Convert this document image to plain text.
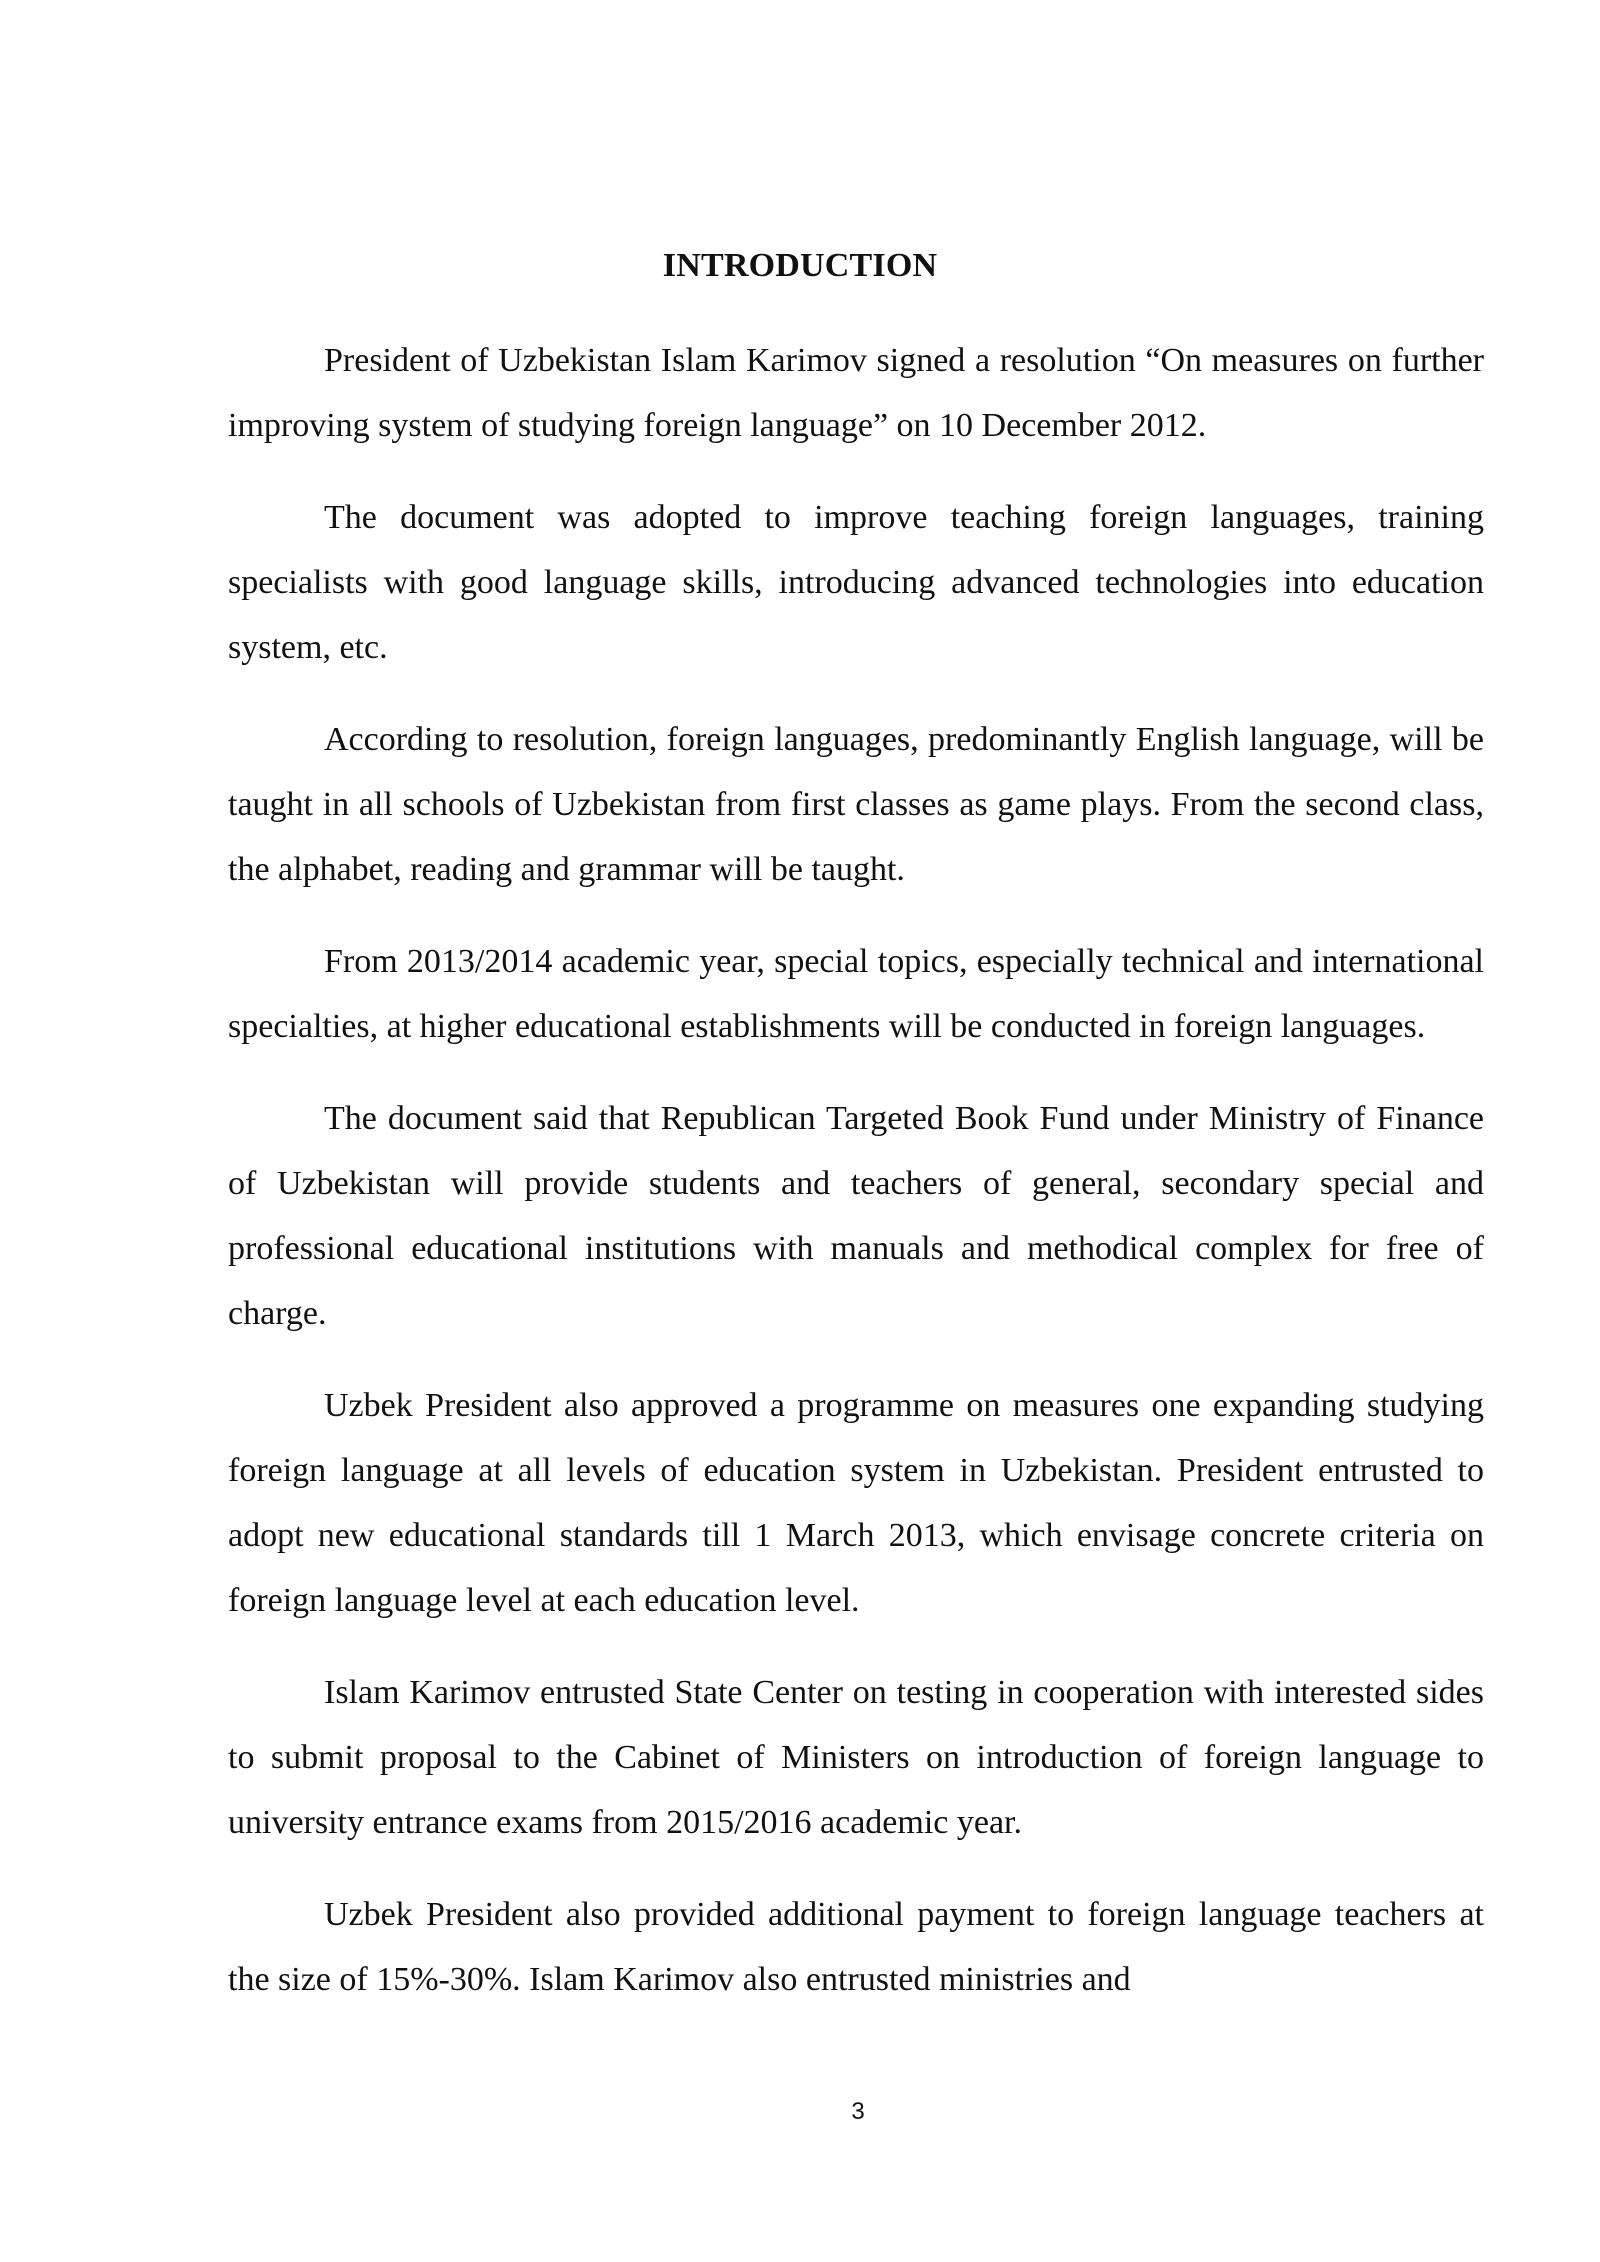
INTRODUCTION

President of Uzbekistan Islam Karimov signed a resolution “On measures on further improving system of studying foreign language” on 10 December 2012.

The document was adopted to improve teaching foreign languages, training specialists with good language skills, introducing advanced technologies into education system, etc.

According to resolution, foreign languages, predominantly English language, will be taught in all schools of Uzbekistan from first classes as game plays. From the second class, the alphabet, reading and grammar will be taught.

From 2013/2014 academic year, special topics, especially technical and international specialties, at higher educational establishments will be conducted in foreign languages.

The document said that Republican Targeted Book Fund under Ministry of Finance of Uzbekistan will provide students and teachers of general, secondary special and professional educational institutions with manuals and methodical complex for free of charge.

Uzbek President also approved a programme on measures one expanding studying foreign language at all levels of education system in Uzbekistan. President entrusted to adopt new educational standards till 1 March 2013, which envisage concrete criteria on foreign language level at each education level.

Islam Karimov entrusted State Center on testing in cooperation with interested sides to submit proposal to the Cabinet of Ministers on introduction of foreign language to university entrance exams from 2015/2016 academic year.

Uzbek President also provided additional payment to foreign language teachers at the size of 15%-30%. Islam Karimov also entrusted ministries and

3
